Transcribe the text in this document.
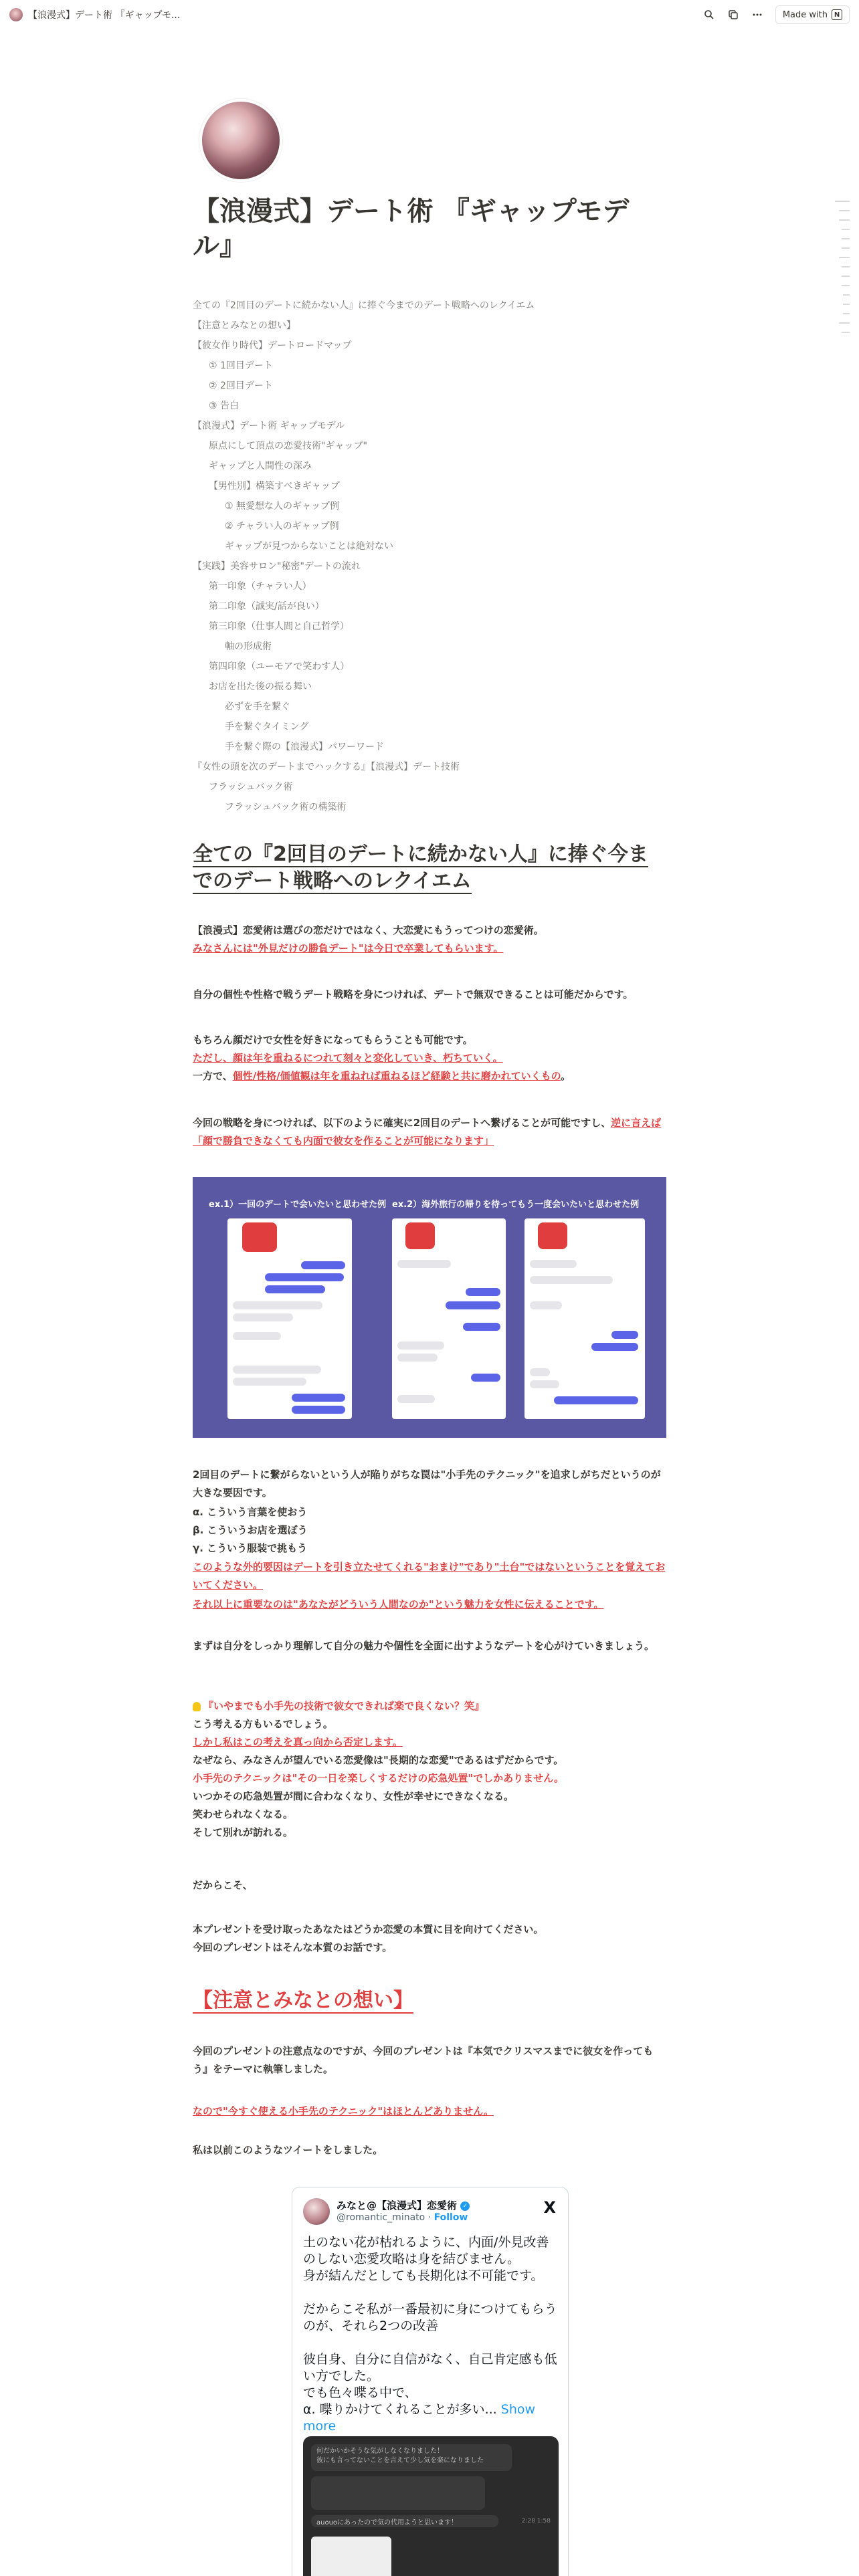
【浪漫式】デート術 『ギャップモ...	Made with N
【浪漫式】デート術 『ギャップモデル』
全ての『2回目のデートに続かない人』に捧ぐ今までのデート戦略へのレクイエム
【注意とみなとの想い】
【彼女作り時代】デートロードマップ
① 1回目デート
② 2回目デート
③ 告白
【浪漫式】デート術 ギャップモデル
原点にして頂点の恋愛技術"ギャップ"
ギャップと人間性の深み
【男性別】構築すべきギャップ
① 無愛想な人のギャップ例
② チャラい人のギャップ例
ギャップが見つからないことは絶対ない
【実践】美容サロン"秘密"デートの流れ
第一印象（チャラい人）
第二印象（誠実/話が良い）
第三印象（仕事人間と自己哲学）
軸の形成術
第四印象（ユーモアで笑わす人）
お店を出た後の振る舞い
必ずを手を繋ぐ
手を繋ぐタイミング
手を繋ぐ際の【浪漫式】パワーワード
『女性の頭を次のデートまでハックする』【浪漫式】デート技術
フラッシュバック術
フラッシュバック術の構築術
全ての『2回目のデートに続かない人』に捧ぐ今までのデート戦略へのレクイエム
【浪漫式】恋愛術は選びの恋だけではなく、大恋愛にもうってつけの恋愛術。
みなさんには"外見だけの勝負デート"は今日で卒業してもらいます。
自分の個性や性格で戦うデート戦略を身につければ、デートで無双できることは可能だからです。
もちろん顔だけで女性を好きになってもらうことも可能です。
ただし、顔は年を重ねるにつれて刻々と変化していき、朽ちていく。
一方で、個性/性格/価値観は年を重ねれば重ねるほど経験と共に磨かれていくもの。
今回の戦略を身につければ、以下のように確実に2回目のデートへ繋げることが可能ですし、逆に言えば「顔で勝負できなくても内面で彼女を作ることが可能になります」
ex.1）一回のデートで会いたいと思わせた例 ex.2）海外旅行の帰りを待ってもう一度会いたいと思わせた例
2回目のデートに繋がらないという人が陥りがちな罠は"小手先のテクニック"を追求しがちだというのが大きな要因です。
α. こういう言葉を使おう
β. こういうお店を選ぼう
γ. こういう服装で挑もう
このような外的要因はデートを引き立たせてくれる"おまけ"であり"土台"ではないということを覚えておいてください。
それ以上に重要なのは"あなたがどういう人間なのか"という魅力を女性に伝えることです。
まずは自分をしっかり理解して自分の魅力や個性を全面に出すようなデートを心がけていきましょう。
『いやまでも小手先の技術で彼女できれば楽で良くない？笑』
こう考える方もいるでしょう。
しかし私はこの考えを真っ向から否定します。
なぜなら、みなさんが望んでいる恋愛像は"長期的な恋愛"であるはずだからです。
小手先のテクニックは"その一日を楽しくするだけの応急処置"でしかありません。
いつかその応急処置が間に合わなくなり、女性が幸せにできなくなる。
笑わせられなくなる。
そして別れが訪れる。
だからこそ、
本プレゼントを受け取ったあなたはどうか恋愛の本質に目を向けてください。
今回のプレゼントはそんな本質のお話です。
【注意とみなとの想い】
今回のプレゼントの注意点なのですが、今回のプレゼントは『本気でクリスマスまでに彼女を作ってもう』をテーマに執筆しました。
なので"今すぐ使える小手先のテクニック"はほとんどありません。
私は以前このようなツイートをしました。
みなと@【浪漫式】恋愛術 ✓
@romantic_minato · Follow
X
土のない花が枯れるように、内面/外見改善のしない恋愛攻略は身を結びません。
身が結んだとしても長期化は不可能です。
だからこそ私が一番最初に身につけてもらうのが、それら2つの改善
彼自身、自分に自信がなく、自己肯定感も低い方でした。
でも色々喋る中で、
α. 喋りかけてくれることが多い... Show more
何だかいかそうな気がしなくなりました！
彼にも言ってないことを言えて少し気を楽になりました
auouoにあったので気の代用ようと思います！	2:28 1:58
